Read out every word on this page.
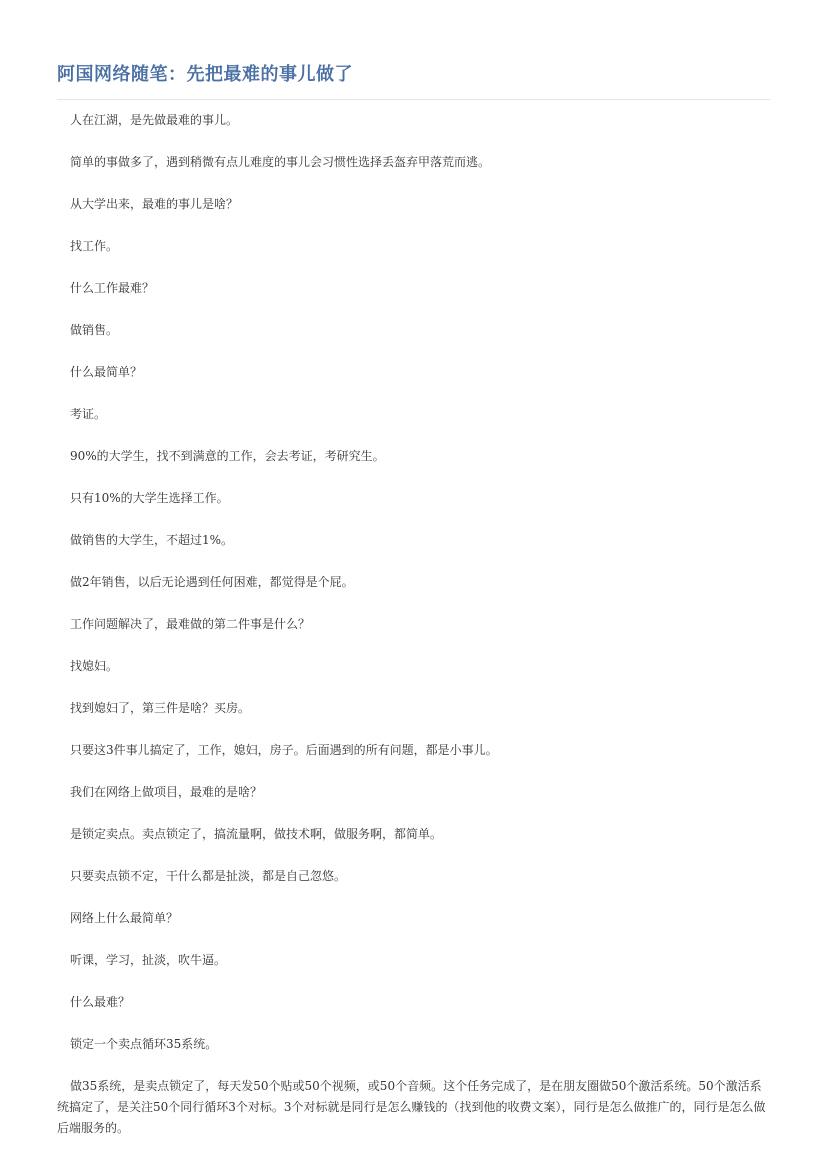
阿国网络随笔：先把最难的事儿做了

人在江湖，是先做最难的事儿。

简单的事做多了，遇到稍微有点儿难度的事儿会习惯性选择丢盔弃甲落荒而逃。

从大学出来，最难的事儿是啥？

找工作。

什么工作最难？

做销售。

什么最简单？

考证。

90%的大学生，找不到满意的工作，会去考证，考研究生。

只有10%的大学生选择工作。

做销售的大学生，不超过1%。

做2年销售，以后无论遇到任何困难，都觉得是个屁。

工作问题解决了，最难做的第二件事是什么？

找媳妇。

找到媳妇了，第三件是啥？买房。

只要这3件事儿搞定了，工作，媳妇，房子。后面遇到的所有问题，都是小事儿。

我们在网络上做项目，最难的是啥？

是锁定卖点。卖点锁定了，搞流量啊，做技术啊，做服务啊，都简单。

只要卖点锁不定，干什么都是扯淡，都是自己忽悠。

网络上什么最简单？

听课，学习，扯淡，吹牛逼。

什么最难？

锁定一个卖点循环35系统。

做35系统，是卖点锁定了，每天发50个贴或50个视频，或50个音频。这个任务完成了，是在朋友圈做50个激活系统。50个激活系统搞定了，是关注50个同行循环3个对标。3个对标就是同行是怎么赚钱的（找到他的收费文案），同行是怎么做推广的，同行是怎么做后端服务的。
